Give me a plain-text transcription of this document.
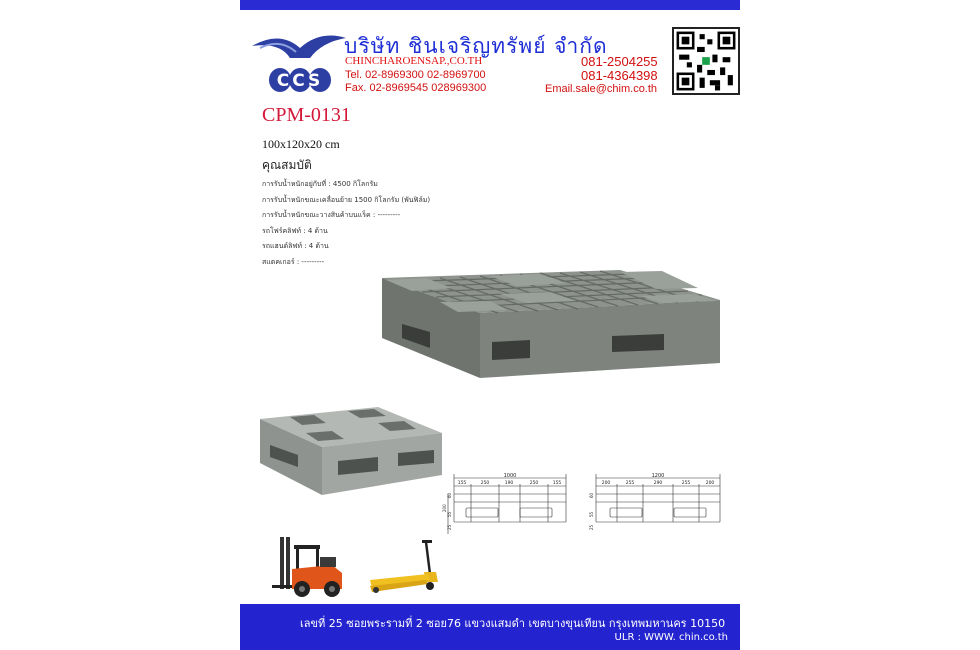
CCS
บริษัท ชินเจริญทรัพย์ จำกัด
CHINCHAROENSAP.,CO.TH
Tel. 02-8969300 02-8969700
Fax. 02-8969545 028969300
081-2504255
081-4364398
Email.sale@chim.co.th
CPM-0131
100x120x20 cm
คุณสมบัติ
การรับน้ำหนักอยู่กับที่ : 4500 กิโลกรัม
การรับน้ำหนักขณะเคลื่อนย้าย 1500 กิโลกรัม (พันฟิล์ม)
การรับน้ำหนักขณะวางสินค้าบนแร็ค : ---------
รถโฟร์คลิฟท์ : 4 ด้าน
รถแฮนด์ลิฟท์ : 4 ด้าน
สแตคเกอร์ : ---------
1000
155	250	190	250	155
60
200
55
25
1200
200	255	290	255	200
60
55
25
เลขที่ 25 ซอยพระรามที่ 2 ซอย76 แขวงแสมดำ เขตบางขุนเทียน กรุงเทพมหานคร 10150
ULR : WWW. chin.co.th
